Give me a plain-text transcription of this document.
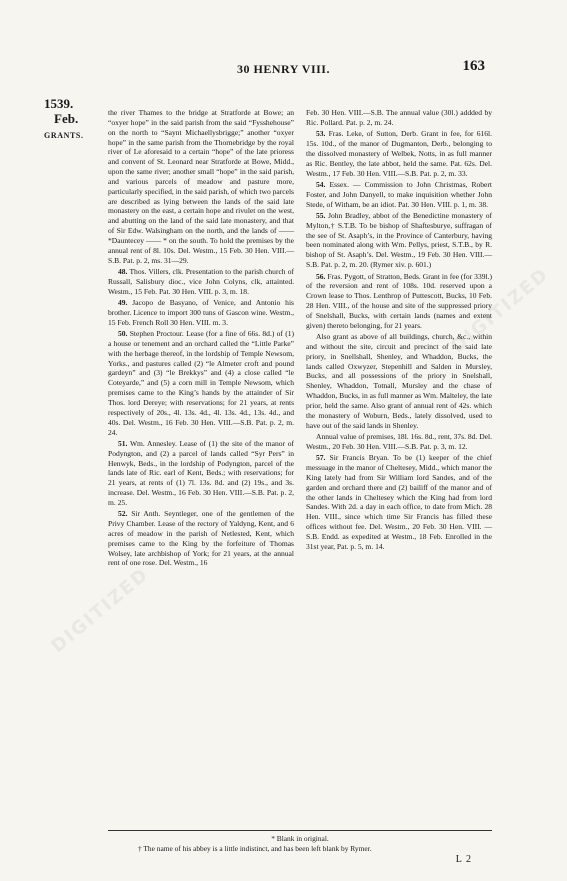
30 HENRY VIII.	163
1539.
Feb.
GRANTS.

the river Thames to the bridge at Stratforde at Bowe; an “oxyer hope” in the said parish from the said “Fysshehouse” on the north to “Saynt Michaellysbrigge;” another “oxyer hope” in the same parish from the Thornebridge by the royal river of Le aforesaid to a certain “hope” of the late prioress and convent of St. Leonard near Stratforde at Bowe, Midd., upon the same river; another small “hope” in the said parish, and various parcels of meadow and pasture more, particularly specified, in the said parish, of which two parcels are described as lying between the lands of the said late monastery on the east, a certain hope and rivulet on the west, and abutting on the land of the said late monastery, and that of Sir Edw. Walsingham on the north, and the lands of —— *Dauntecey —— * on the south. To hold the premises by the annual rent of 8l. 10s. Del. Westm., 15 Feb. 30 Hen. VIII.—S.B. Pat. p. 2, ms. 31—29.

48. Thos. Villers, clk. Presentation to the parish church of Russall, Salisbury dioc., vice John Colyns, clk, attainted. Westm., 15 Feb. Pat. 30 Hen. VIII. p. 3, m. 18.

49. Jacopo de Basyano, of Venice, and Antonio his brother. Licence to import 300 tuns of Gascon wine. Westm., 15 Feb. French Roll 30 Hen. VIII. m. 3.

50. Stephen Proctour. Lease (for a fine of 66s. 8d.) of (1) a house or tenement and an orchard called the “Little Parke” with the herbage thereof, in the lordship of Temple Newsom, Yorks., and pastures called (2) “le Almeter croft and pound gardeyn” and (3) “le Brekkys” and (4) a close called “le Coteyarde,” and (5) a corn mill in Temple Newsom, which premises came to the King’s hands by the attainder of Sir Thos. lord Dereye; with reservations; for 21 years, at rents respectively of 20s., 4l. 13s. 4d., 4l. 13s. 4d., 13s. 4d., and 40s. Del. Westm., 16 Feb. 30 Hen. VIII.—S.B. Pat. p. 2, m. 24.

51. Wm. Annesley. Lease of (1) the site of the manor of Podyngton, and (2) a parcel of lands called “Syr Pers” in Henwyk, Beds., in the lordship of Podyngton, parcel of the lands late of Ric. earl of Kent, Beds.; with reservations; for 21 years, at rents of (1) 7l. 13s. 8d. and (2) 19s., and 3s. increase. Del. Westm., 16 Feb. 30 Hen. VIII.—S.B. Pat. p. 2, m. 25.

52. Sir Anth. Seyntleger, one of the gentlemen of the Privy Chamber. Lease of the rectory of Yaldyng, Kent, and 6 acres of meadow in the parish of Netlested, Kent, which premises came to the King by the forfeiture of Thomas Wolsey, late archbishop of York; for 21 years, at the annual rent of one rose. Del. Westm., 16

Feb. 30 Hen. VIII.—S.B. The annual value (30l.) addded by Ric. Pollard. Pat. p. 2, m. 24.

53. Fras. Leke, of Sutton, Derb. Grant in fee, for 616l. 15s. 10d., of the manor of Dugmanton, Derb., belonging to the dissolved monastery of Welbek, Notts, in as full manner as Ric. Bentley, the late abbot, held the same. Pat. 62s. Del. Westm., 17 Feb. 30 Hen. VIII.—S.B. Pat. p. 2, m. 33.

54. Essex. — Commission to John Christmas, Robert Foster, and John Danyell, to make inquisition whether John Stede, of Witham, be an idiot. Pat. 30 Hen. VIII. p. 1, m. 38.

55. John Bradley, abbot of the Benedictine monastery of Mylton,† S.T.B. To be bishop of Shaftesburye, suffragan of the see of St. Asaph’s, in the Province of Canterbury, having been nominated along with Wm. Pellys, priest, S.T.B., by R. bishop of St. Asaph’s. Del. Westm., 19 Feb. 30 Hen. VIII.—S.B. Pat. p. 2, m. 20. (Rymer xiv. p. 601.)

56. Fras. Pygott, of Stratton, Beds. Grant in fee (for 339l.) of the reversion and rent of 108s. 10d. reserved upon a Crown lease to Thos. Lenthrop of Puttescott, Bucks, 10 Feb. 28 Hen. VIII., of the house and site of the suppressed priory of Snelshall, Bucks, with certain lands (names and extent given) thereto belonging, for 21 years.

Also grant as above of all buildings, church, &c., within and without the site, circuit and precinct of the said late priory, in Snellshall, Shenley, and Whaddon, Bucks, the lands called Oxwyzer, Stepenhill and Salden in Mursley, Bucks, and all possessions of the priory in Snelshall, Shenley, Whaddon, Totnall, Mursley and the chase of Whaddon, Bucks, in as full manner as Wm. Malteley, the late prior, held the same. Also grant of annual rent of 42s. which the monastery of Woburn, Beds., lately dissolved, used to have out of the said lands in Shenley.

Annual value of premises, 18l. 16s. 8d., rent, 37s. 8d. Del. Westm., 20 Feb. 30 Hen. VIII.—S.B. Pat. p. 3, m. 12.

57. Sir Francis Bryan. To be (1) keeper of the chief messuage in the manor of Cheltesey, Midd., which manor the King lately had from Sir William lord Sandes, and of the garden and orchard there and (2) bailiff of the manor and of the other lands in Cheltesey which the King had from lord Sandes. With 2d. a day in each office, to date from Mich. 28 Hen. VIII., since which time Sir Francis has filled these offices without fee. Del. Westm., 20 Feb. 30 Hen. VIII. — S.B. Endd. as expedited at Westm., 18 Feb. Enrolled in the 31st year, Pat. p. 5, m. 14.

* Blank in original.
† The name of his abbey is a little indistinct, and has been left blank by Rymer.
L 2
DIGITIZED
DIGITIZED
